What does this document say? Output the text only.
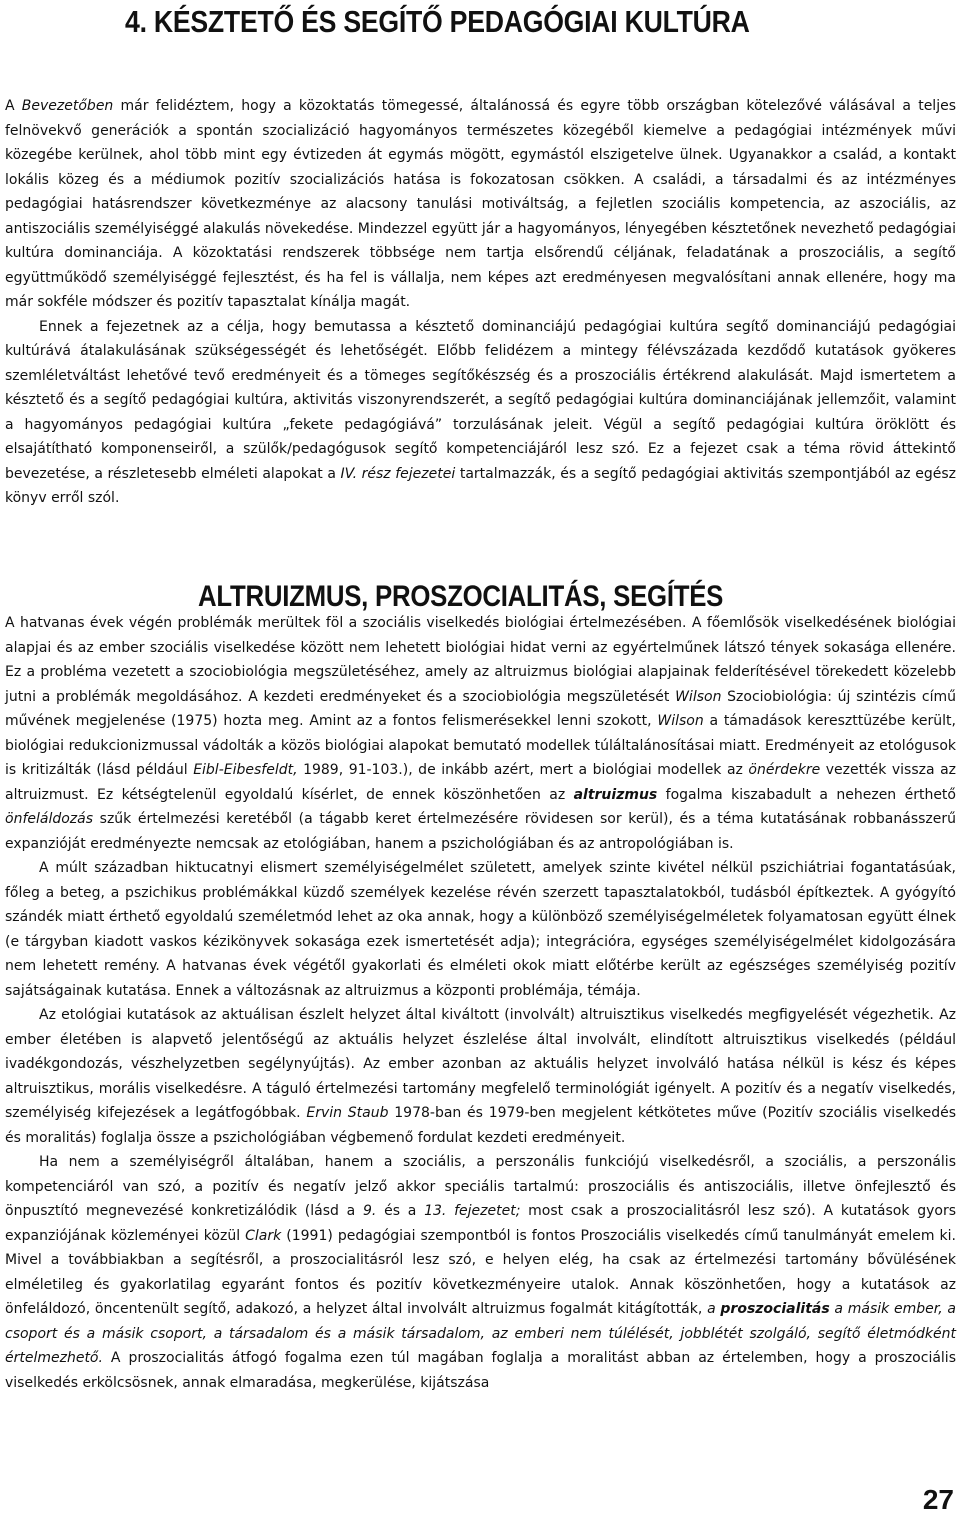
4. KÉSZTETŐ ÉS SEGÍTŐ PEDAGÓGIAI KULTÚRA

A Bevezetőben már felidéztem, hogy a közoktatás tömegessé, általánossá és egyre több országban kötelezővé válásával a teljes felnövekvő generációk a spontán szocializáció hagyományos természetes közegéből kiemelve a pedagógiai intézmények művi közegébe kerülnek, ahol több mint egy évtizeden át egymás mögött, egymástól elszigetelve ülnek. Ugyanakkor a család, a kontakt lokális közeg és a médiumok pozitív szocializációs hatása is fokozatosan csökken. A családi, a társadalmi és az intézményes pedagógiai hatásrendszer következménye az alacsony tanulási motiváltság, a fejletlen szociális kompetencia, az aszociális, az antiszociális személyiséggé alakulás növekedése. Mindezzel együtt jár a hagyományos, lényegében késztetőnek nevezhető pedagógiai kultúra dominanciája. A közoktatási rendszerek többsége nem tartja elsőrendű céljának, feladatának a proszociális, a segítő együttműködő személyiséggé fejlesztést, és ha fel is vállalja, nem képes azt eredményesen megvalósítani annak ellenére, hogy ma már sokféle módszer és pozitív tapasztalat kínálja magát.

Ennek a fejezetnek az a célja, hogy bemutassa a késztető dominanciájú pedagógiai kultúra segítő dominanciájú pedagógiai kultúrává átalakulásának szükségességét és lehetőségét. Előbb felidézem a mintegy félévszázada kezdődő kutatások gyökeres szemléletváltást lehetővé tevő eredményeit és a tömeges segítőkészség és a proszociális értékrend alakulását. Majd ismertetem a késztető és a segítő pedagógiai kultúra, aktivitás viszonyrendszerét, a segítő pedagógiai kultúra dominanciájának jellemzőit, valamint a hagyományos pedagógiai kultúra „fekete pedagógiává” torzulásának jeleit. Végül a segítő pedagógiai kultúra öröklött és elsajátítható komponenseiről, a szülők/pedagógusok segítő kompetenciájáról lesz szó. Ez a fejezet csak a téma rövid áttekintő bevezetése, a részletesebb elméleti alapokat a IV. rész fejezetei tartalmazzák, és a segítő pedagógiai aktivitás szempontjából az egész könyv erről szól.

ALTRUIZMUS, PROSZOCIALITÁS, SEGÍTÉS

A hatvanas évek végén problémák merültek föl a szociális viselkedés biológiai értelmezésében. A főemlősök viselkedésének biológiai alapjai és az ember szociális viselkedése között nem lehetett biológiai hidat verni az egyértelműnek látszó tények sokasága ellenére. Ez a probléma vezetett a szociobiológia megszületéséhez, amely az altruizmus biológiai alapjainak felderítésével törekedett közelebb jutni a problémák megoldásához. A kezdeti eredményeket és a szociobiológia megszületését Wilson Szociobiológia: új szintézis című művének megjelenése (1975) hozta meg. Amint az a fontos felismerésekkel lenni szokott, Wilson a támadások kereszttüzébe került, biológiai redukcionizmussal vádolták a közös biológiai alapokat bemutató modellek túláltalánosításai miatt. Eredményeit az etológusok is kritizálták (lásd például Eibl-Eibesfeldt, 1989, 91-103.), de inkább azért, mert a biológiai modellek az önérdekre vezették vissza az altruizmust. Ez kétségtelenül egyoldalú kísérlet, de ennek köszönhetően az altruizmus fogalma kiszabadult a nehezen érthető önfeláldozás szűk értelmezési keretéből (a tágabb keret értelmezésére rövidesen sor kerül), és a téma kutatásának robbanásszerű expanzióját eredményezte nemcsak az etológiában, hanem a pszichológiában és az antropológiában is.

A múlt században hiktucatnyi elismert személyiségelmélet született, amelyek szinte kivétel nélkül pszichiátriai fogantatásúak, főleg a beteg, a pszichikus problémákkal küzdő személyek kezelése révén szerzett tapasztalatokból, tudásból építkeztek. A gyógyító szándék miatt érthető egyoldalú személetmód lehet az oka annak, hogy a különböző személyiségelméletek folyamatosan együtt élnek (e tárgyban kiadott vaskos kézikönyvek sokasága ezek ismertetését adja); integrációra, egységes személyiségelmélet kidolgozására nem lehetett remény. A hatvanas évek végétől gyakorlati és elméleti okok miatt előtérbe került az egészséges személyiség pozitív sajátságainak kutatása. Ennek a változásnak az altruizmus a központi problémája, témája.

Az etológiai kutatások az aktuálisan észlelt helyzet által kiváltott (involvált) altruisztikus viselkedés megfigyelését végezhetik. Az ember életében is alapvető jelentőségű az aktuális helyzet észlelése által involvált, elindított altruisztikus viselkedés (például ivadékgondozás, vészhelyzetben segélynyújtás). Az ember azonban az aktuális helyzet involváló hatása nélkül is kész és képes altruisztikus, morális viselkedésre. A táguló értelmezési tartomány megfelelő terminológiát igényelt. A pozitív és a negatív viselkedés, személyiség kifejezések a legátfogóbbak. Ervin Staub 1978-ban és 1979-ben megjelent kétkötetes műve (Pozitív szociális viselkedés és moralitás) foglalja össze a pszichológiában végbemenő fordulat kezdeti eredményeit.

Ha nem a személyiségről általában, hanem a szociális, a perszonális funkciójú viselkedésről, a szociális, a perszonális kompetenciáról van szó, a pozitív és negatív jelző akkor speciális tartalmú: proszociális és antiszociális, illetve önfejlesztő és önpusztító megnevezésé konkretizálódik (lásd a 9. és a 13. fejezetet; most csak a proszocialitásról lesz szó). A kutatások gyors expanziójának közleményei közül Clark (1991) pedagógiai szempontból is fontos Proszociális viselkedés című tanulmányát emelem ki. Mivel a továbbiakban a segítésről, a proszocialitásról lesz szó, e helyen elég, ha csak az értelmezési tartomány bővülésének elméletileg és gyakorlatilag egyaránt fontos és pozitív következményeire utalok. Annak köszönhetően, hogy a kutatások az önfeláldozó, öncentenült segítő, adakozó, a helyzet által involvált altruizmus fogalmát kitágították, a proszocialitás a másik ember, a csoport és a másik csoport, a társadalom és a másik társadalom, az emberi nem túlélését, jobblétét szolgáló, segítő életmódként értelmezhető. A proszocialitás átfogó fogalma ezen túl magában foglalja a moralitást abban az értelemben, hogy a proszociális viselkedés erkölcsösnek, annak elmaradása, megkerülése, kijátszása

27
